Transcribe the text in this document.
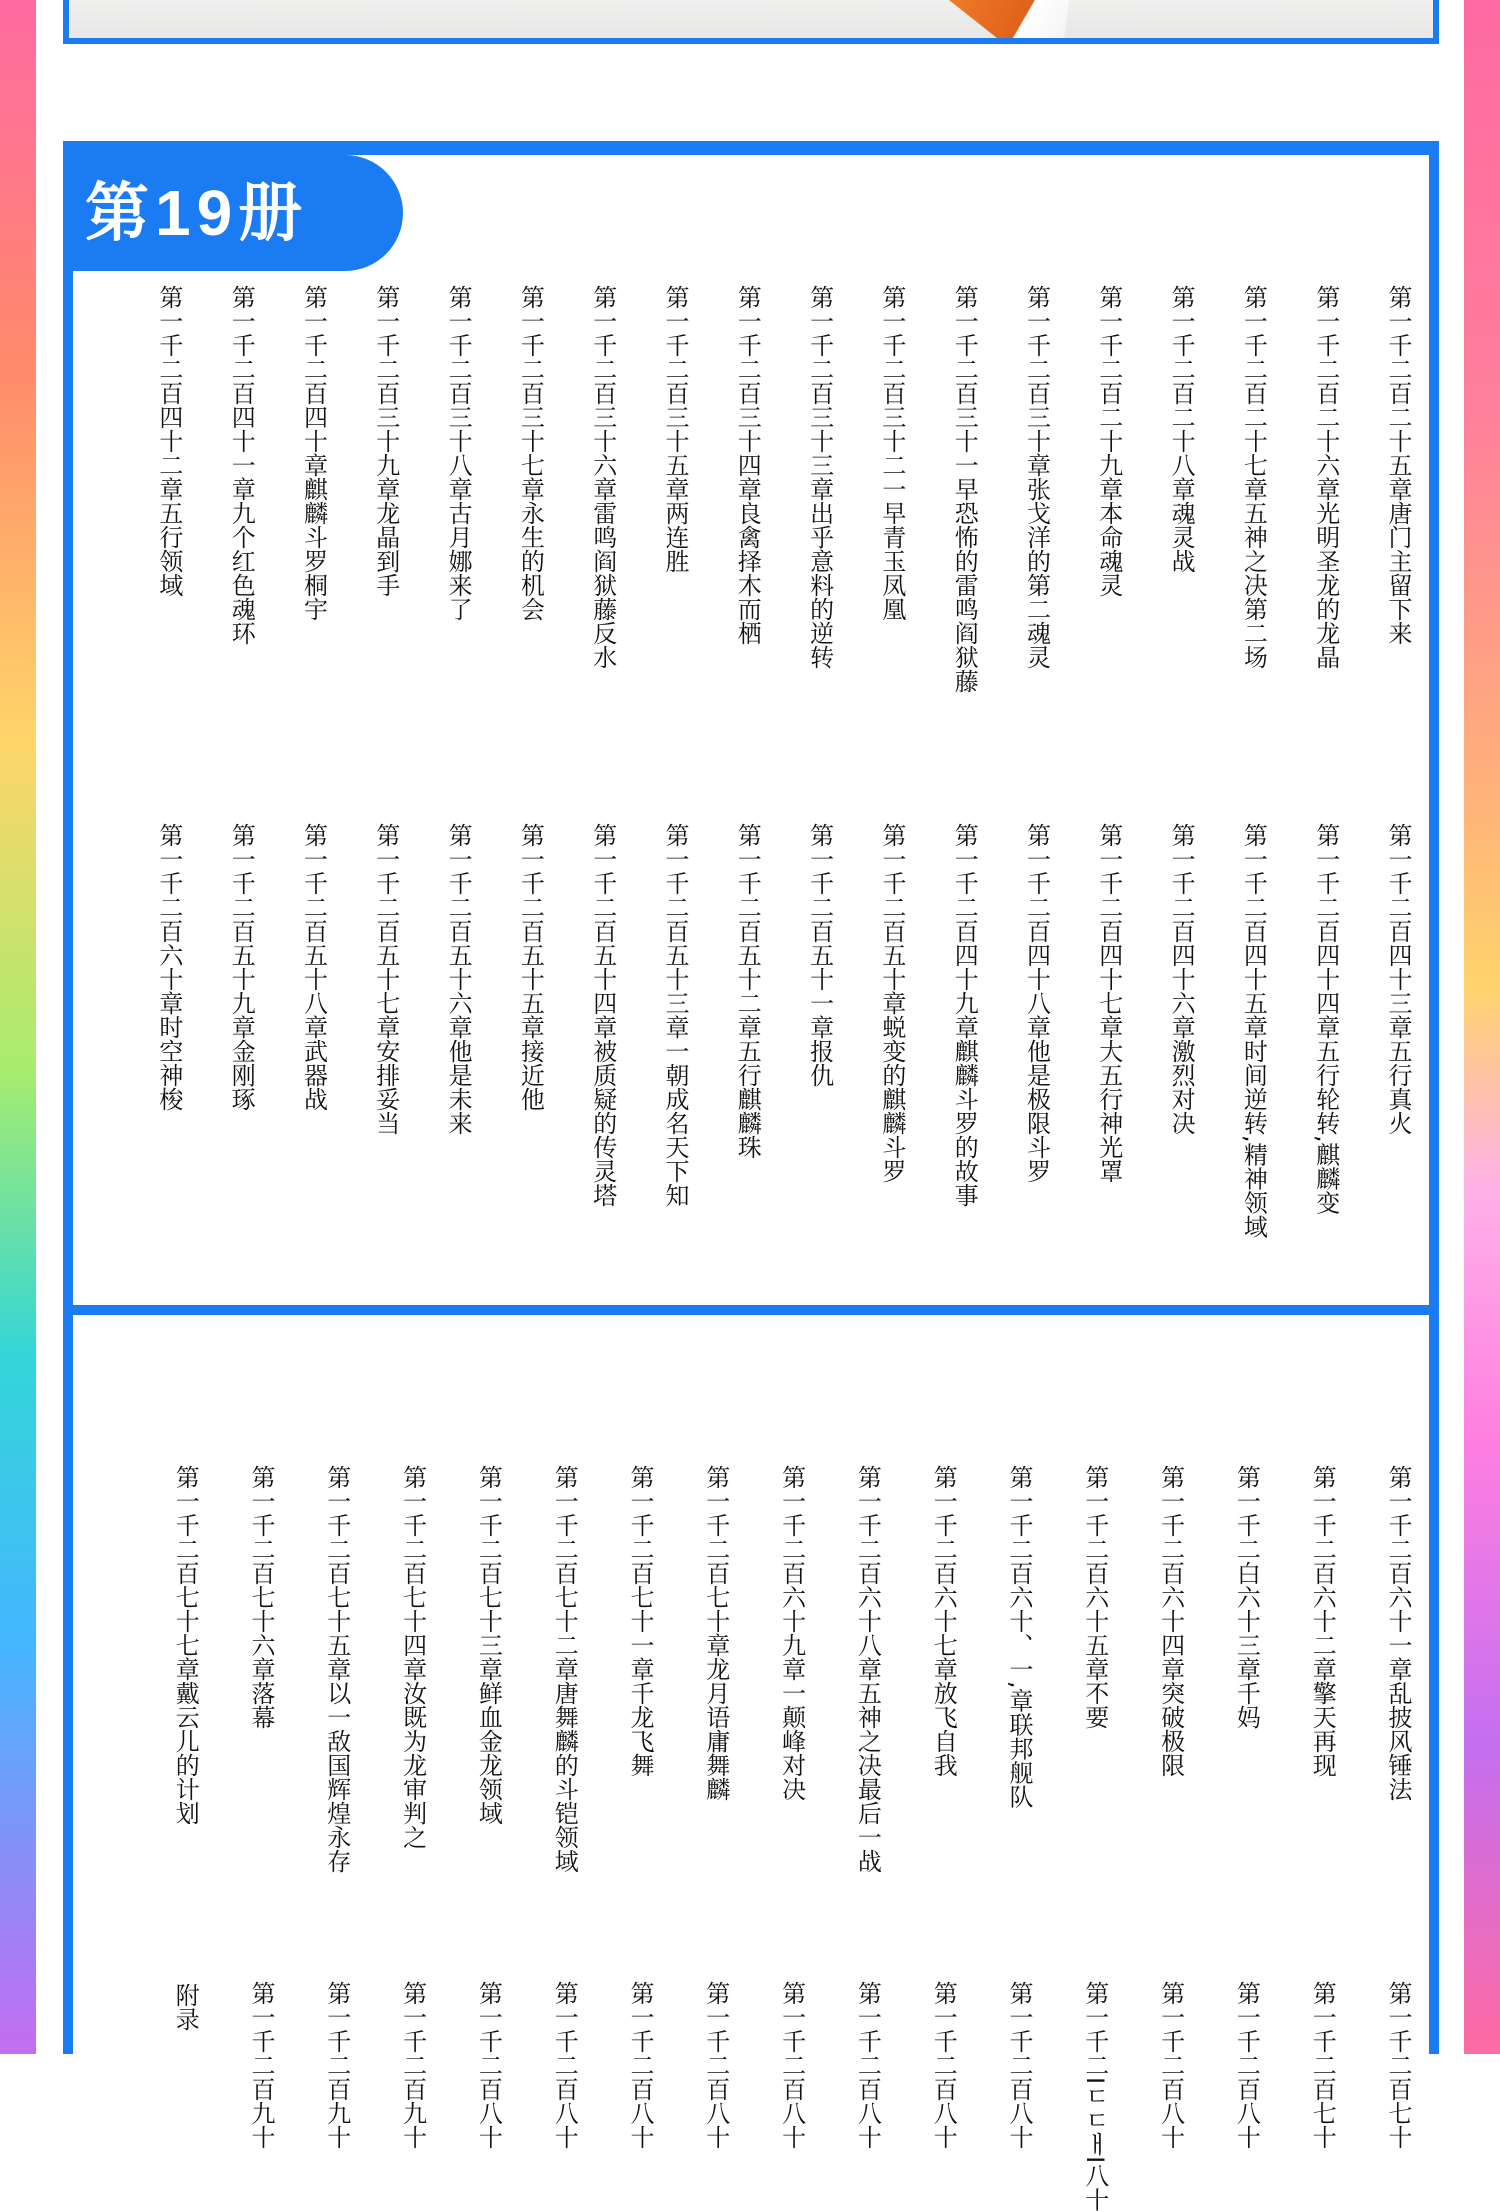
第一千二百二十五章唐门主留下来
第一千二百二十六章光明圣龙的龙晶
第一千二百二十七章五神之决第二场
第一千二百二十八章魂灵战
第一千二百二十九章本命魂灵
第一千二百三十章张戈洋的第二魂灵
第一千二百三十一早恐怖的雷鸣阎狱藤
第一千二百三十二一早青玉凤凰
第一千二百三十三章出乎意料的逆转
第一千二百三十四章良禽择木而栖
第一千二百三十五章两连胜
第一千二百三十六章雷鸣阎狱藤反水
第一千二百三十七章永生的机会
第一千二百三十八章古月娜来了
第一千二百三十九章龙晶到手
第一千二百四十章麒麟斗罗桐宇
第一千二百四十一章九个红色魂环
第一千二百四十二章五行领域
第一千二百四十三章五行真火
第一千二百四十四章五行轮转,麒麟变
第一千二百四十五章时间逆转,精神领域
第一千二百四十六章激烈对决
第一千二百四十七章大五行神光罩
第一千二百四十八章他是极限斗罗
第一千二百四十九章麒麟斗罗的故事
第一千二百五十章蜕变的麒麟斗罗
第一千二百五十一章报仇
第一千二百五十二章五行麒麟珠
第一千二百五十三章一朝成名天下知
第一千二百五十四章被质疑的传灵塔
第一千二百五十五章接近他
第一千二百五十六章他是未来
第一千二百五十七章安排妥当
第一千二百五十八章武器战
第一千二百五十九章金刚琢
第一千二百六十章时空神梭
第一千二百六十一章乱披风锤法
第一千二百六十二章擎天再现
第一千二白六十三章千妈
第一千二百六十四章突破极限
第一千二百六十五章不要
第一千二百六十、一,章联邦舰队
第一千二百六十七章放飞自我
第一千二百六十八章五神之决最后一战
第一千二百六十九章一颠峰对决
第一千二百七十章龙月语庸舞麟
第一千二百七十一章千龙飞舞
第一千二百七十二章唐舞麟的斗铠领域
第一千二百七十三章鲜血金龙领域
第一千二百七十四章汝既为龙审判之
第一千二百七十五章以一敌国辉煌永存
第一千二百七十六章落幕
第一千二百七十七章戴云儿的计划
第一千二百七十
第一千二百七十
第一千二百八十
第一千二百八十
第一千二IㄷㄷㅐI八十
第一千二百八十
第一千二百八十
第一千二百八十
第一千二百八十
第一千二百八十
第一千二百八十
第一千二百八十
第一千二百八十
第一千二百九十
第一千二百九十
第一千二百九十
附录
第19册
